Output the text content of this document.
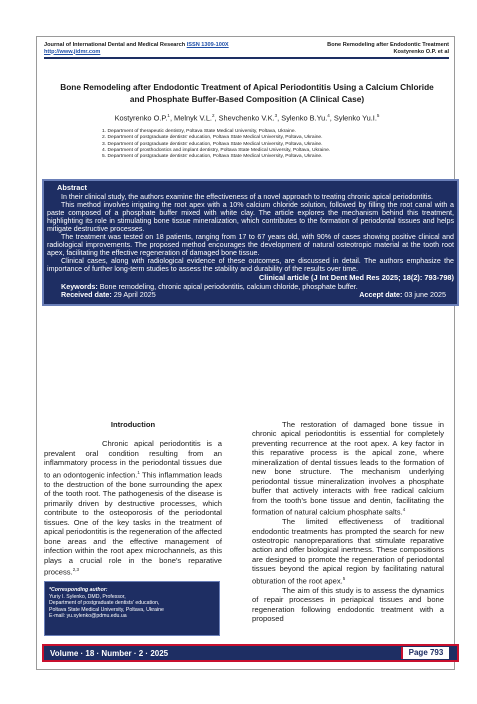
Journal of International Dental and Medical Research ISSN 1309-100X
http://www.jidmr.com
Bone Remodeling after Endodontic Treatment
Kostyrenko O.P. et al
Bone Remodeling after Endodontic Treatment of Apical Periodontitis Using a Calcium Chloride and Phosphate Buffer-Based Composition (A Clinical Case)
Kostyrenko O.P.$^1$, Melnyk V.L.$^2$, Shevchenko V.K.$^3$, Sylenko B.Yu.$^4$, Sylenko Yu.I.$^5$
1. Department of therapeutic dentistry, Poltava State Medical University, Poltava, Ukraine.
2. Department of postgraduate dentists' education, Poltava State Medical University, Poltava, Ukraine.
3. Department of postgraduate dentists' education, Poltava State Medical University, Poltava, Ukraine.
4. Department of prosthodontics and implant dentistry, Poltava State Medical University, Poltava, Ukraine.
5. Department of postgraduate dentists' education, Poltava State Medical University, Poltava, Ukraine.
Abstract

In their clinical study, the authors examine the effectiveness of a novel approach to treating chronic apical periodontitis.

This method involves irrigating the root apex with a 10% calcium chloride solution, followed by filling the root canal with a paste composed of a phosphate buffer mixed with white clay. The article explores the mechanism behind this treatment, highlighting its role in stimulating bone tissue mineralization, which contributes to the formation of periodontal tissues and helps mitigate destructive processes.

The treatment was tested on 18 patients, ranging from 17 to 67 years old, with 90% of cases showing positive clinical and radiological improvements. The proposed method encourages the development of natural osteotropic material at the tooth root apex, facilitating the effective regeneration of damaged bone tissue.

Clinical cases, along with radiological evidence of these outcomes, are discussed in detail. The authors emphasize the importance of further long-term studies to assess the stability and durability of the results over time.

Clinical article (J Int Dent Med Res 2025; 18(2): 793-798)
Keywords: Bone remodeling, chronic apical periodontitis, calcium chloride, phosphate buffer.
Received date: 29 April 2025	Accept date: 03 june 2025
Introduction

Chronic apical periodontitis is a prevalent oral condition resulting from an inflammatory process in the periodontal tissues due to an odontogenic infection.$^1$ This inflammation leads to the destruction of the bone surrounding the apex of the tooth root. The pathogenesis of the disease is primarily driven by destructive processes, which contribute to the osteoporosis of the periodontal tissues. One of the key tasks in the treatment of apical periodontitis is the regeneration of the affected bone areas and the effective management of infection within the root apex microchannels, as this plays a crucial role in the bone's reparative process.$^{2,3}$

The restoration of damaged bone tissue in chronic apical periodontitis is essential for completely preventing recurrence at the root apex. A key factor in this reparative process is the apical zone, where mineralization of dental tissues leads to the formation of new bone structure. The mechanism underlying periodontal tissue mineralization involves a phosphate buffer that actively interacts with free radical calcium from the tooth's bone tissue and dentin, facilitating the formation of natural calcium phosphate salts.$^4$

The limited effectiveness of traditional endodontic treatments has prompted the search for new osteotropic nanopreparations that stimulate reparative action and offer biological inertness. These compositions are designed to promote the regeneration of periodontal tissues beyond the apical region by facilitating natural obturation of the root apex.$^5$

The aim of this study is to assess the dynamics of repair processes in periapical tissues and bone regeneration following endodontic treatment with a proposed

*Corresponding author:
Yuriy I. Sylenko, DMD, Professor,
Department of postgraduate dentists' education,
Poltava State Medical University, Poltava, Ukraine
E-mail: yu.sylenko@pdmu.edu.ua
Volume · 18 · Number · 2 · 2025	Page 793
